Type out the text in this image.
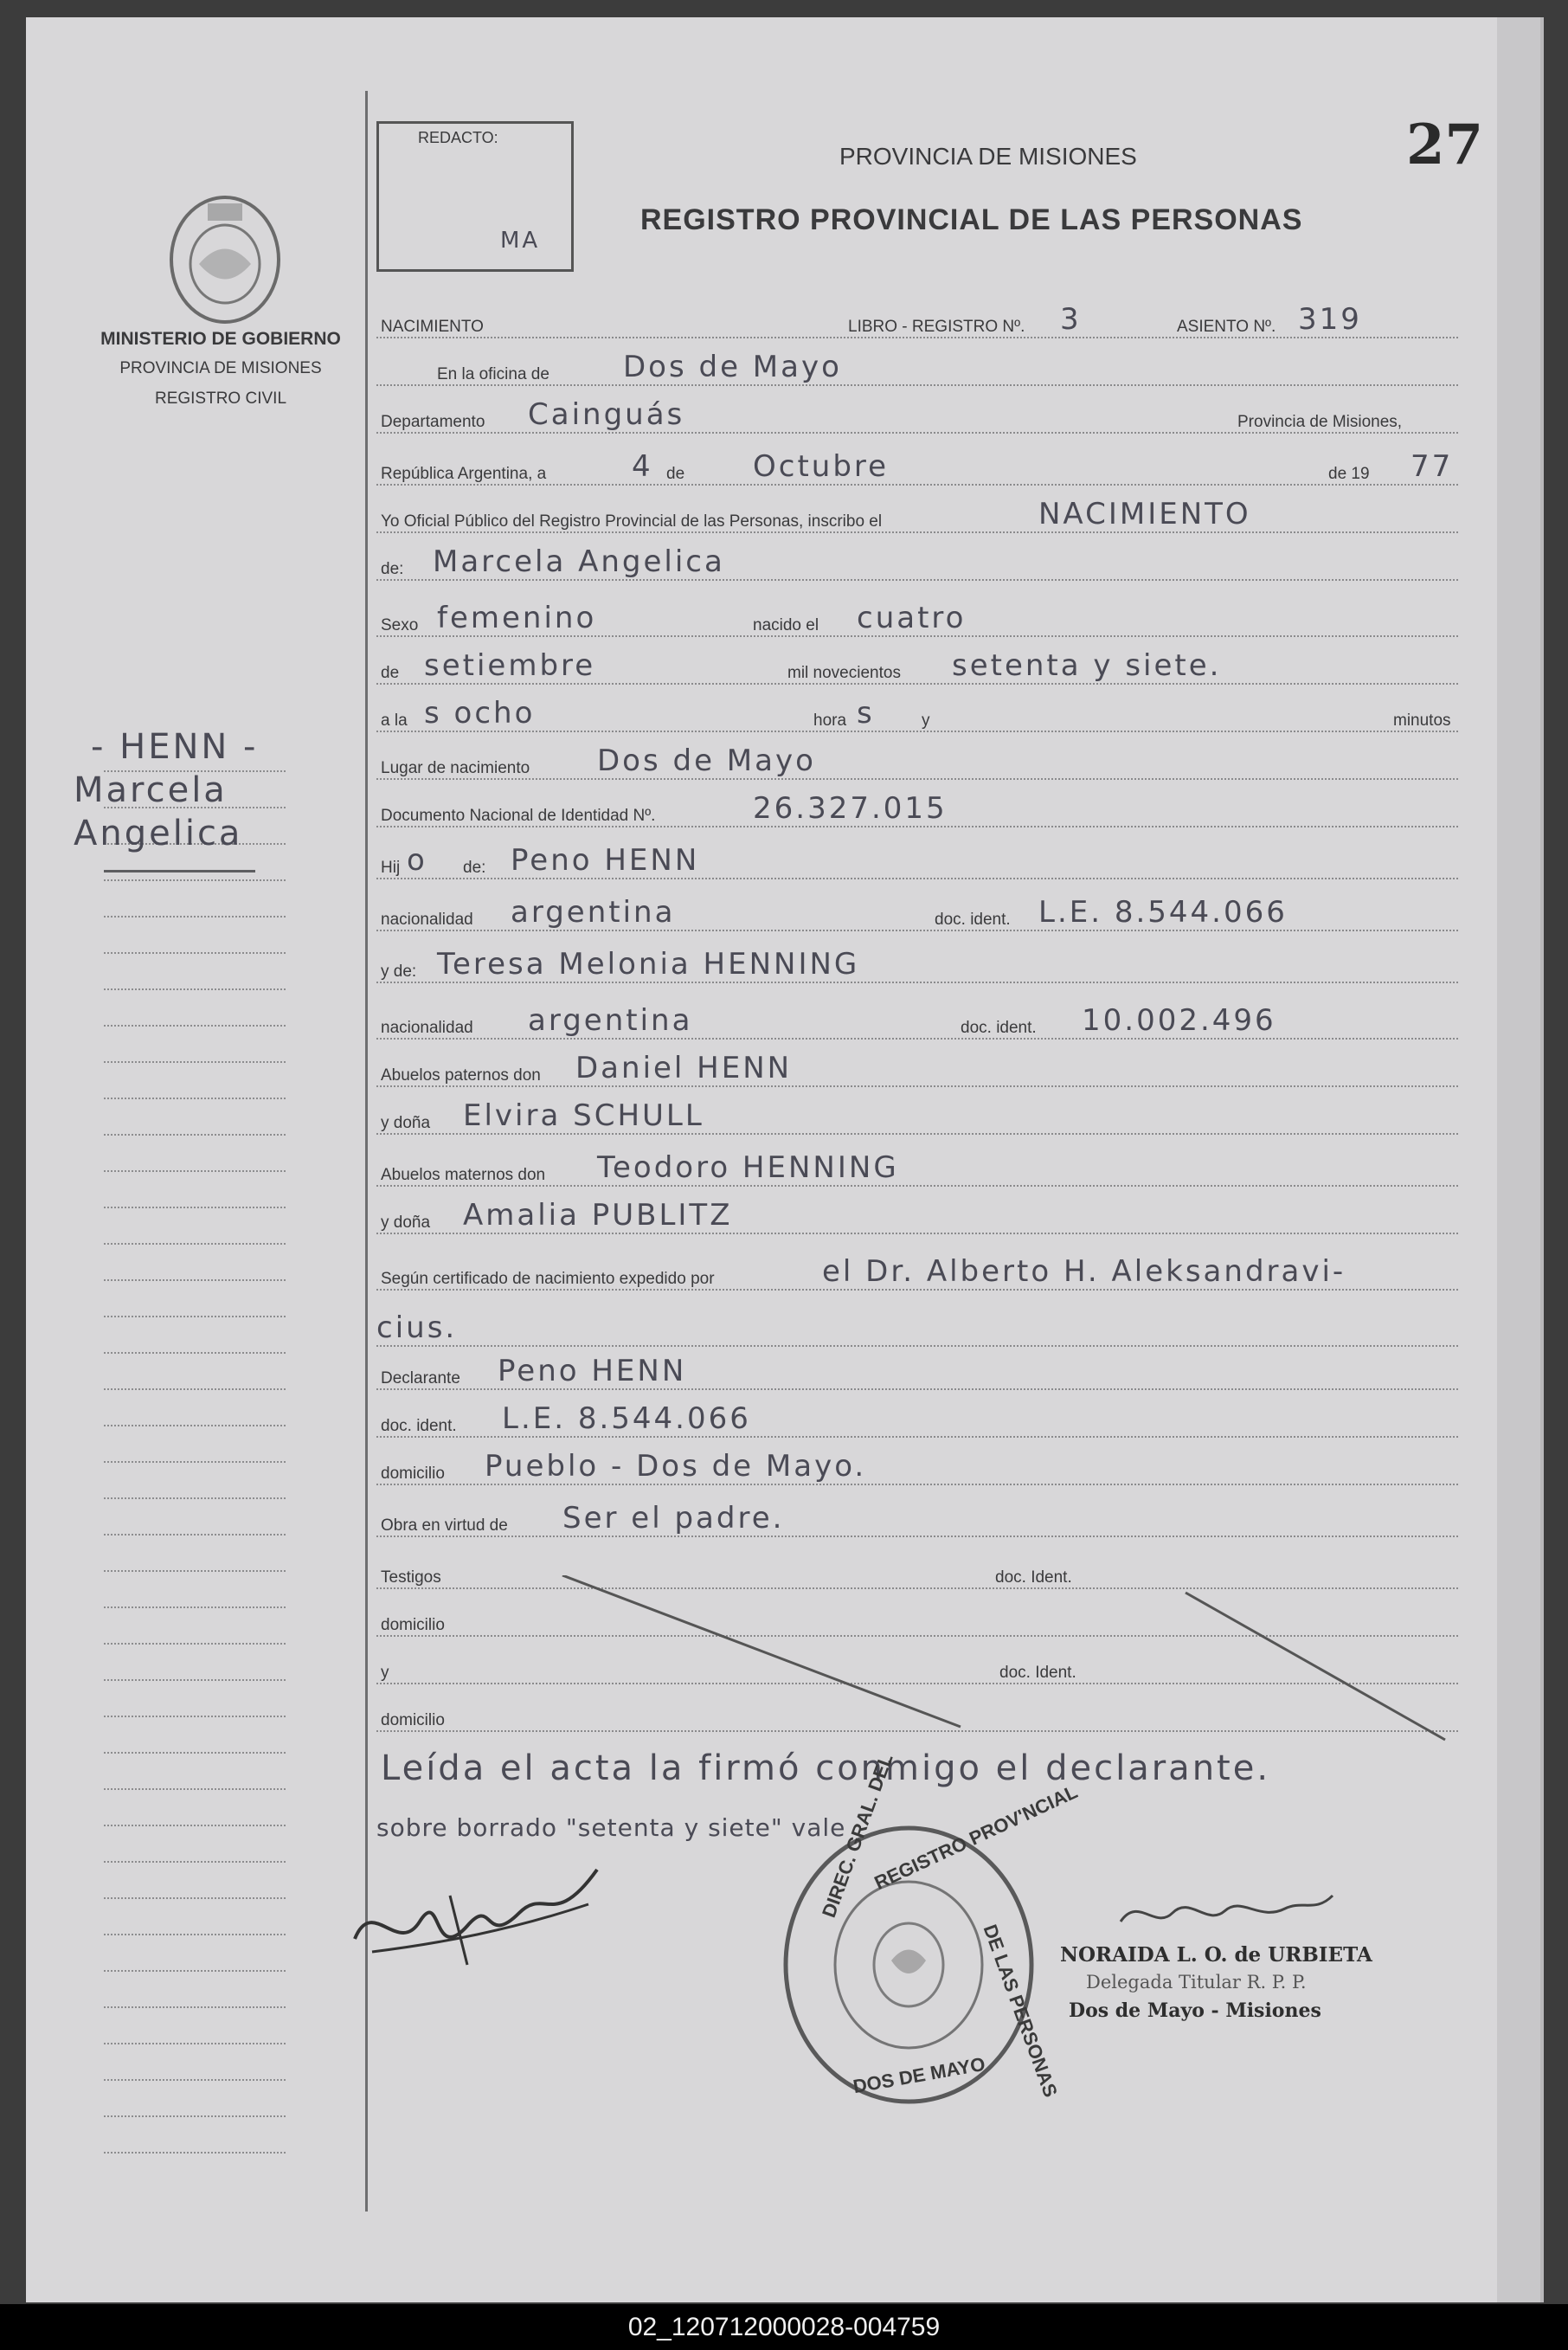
REDACTO:
MA
MINISTERIO DE GOBIERNO
PROVINCIA DE MISIONES
REGISTRO CIVIL
PROVINCIA DE MISIONES
REGISTRO PROVINCIAL DE LAS PERSONAS
27
NACIMIENTO	LIBRO - REGISTRO Nº. 3	ASIENTO Nº. 319
En la oficina de	Dos de Mayo
Departamento Cainguás	Provincia de Misiones,
República Argentina, a	4 de Octubre	de 19 77
Yo Oficial Público del Registro Provincial de las Personas, inscribo el	NACIMIENTO
de: Marcela Angelica
Sexo femenino	nacido el cuatro
de setiembre	mil novecientos setenta y siete.
a la s ocho	hora s	y	minutos
Lugar de nacimiento Dos de Mayo
Documento Nacional de Identidad Nº.	26.327.015
Hij o de: Peno HENN
nacionalidad argentina	doc. ident. L.E. 8.544.066
y de: Teresa Melonia HENNING
nacionalidad argentina	doc. ident. 10.002.496
Abuelos paternos don Daniel HENN
y doña Elvira SCHULL
Abuelos maternos don Teodoro HENNING
y doña Amalia PUBLITZ
Según certificado de nacimiento expedido por	el Dr. Alberto H. Aleksandravi-
cius.
Declarante Peno HENN
doc. ident. L.E. 8.544.066
domicilio Pueblo - Dos de Mayo.
Obra en virtud de Ser el padre.
Testigos	doc. Ident.
domicilio
y	doc. Ident.
domicilio
- HENN -
Marcela
Angelica
Leída el acta la firmó conmigo el declarante.
sobre borrado "setenta y siete" vale
DIREC. GRAL. DEL
REGISTRO PROV'NCIAL
DE LAS PERSONAS
DOS DE MAYO
NORAIDA L. O. de URBIETA
Delegada Titular R. P. P.
Dos de Mayo - Misiones
02_120712000028-004759
